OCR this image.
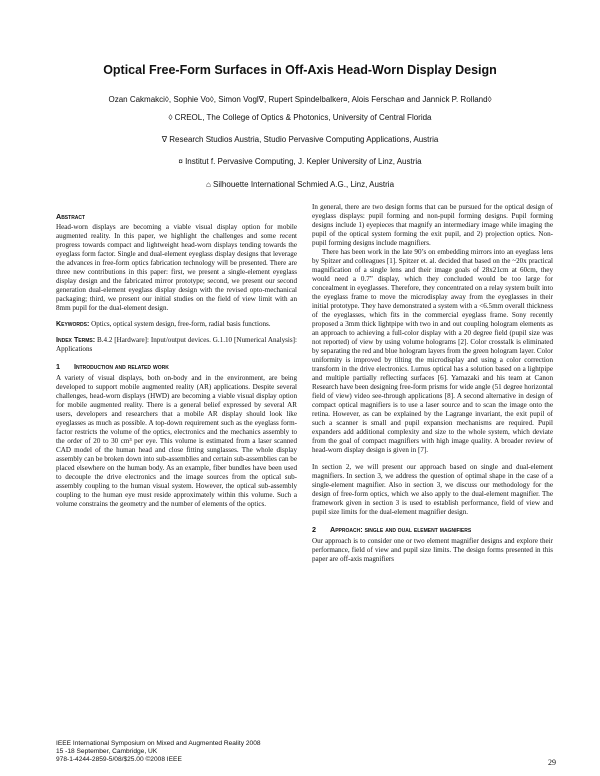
Optical Free-Form Surfaces in Off-Axis Head-Worn Display Design
Ozan Cakmakci◊, Sophie Vo◊, Simon Vogl∇, Rupert Spindelbalker¤, Alois Ferscha¤ and Jannick P. Rolland◊
◊ CREOL, The College of Optics & Photonics, University of Central Florida
∇ Research Studios Austria, Studio Pervasive Computing Applications, Austria
¤ Institut f. Pervasive Computing, J. Kepler University of Linz, Austria
⌂ Silhouette International Schmied A.G., Linz, Austria
Abstract

Head-worn displays are becoming a viable visual display option for mobile augmented reality. In this paper, we highlight the challenges and some recent progress towards compact and lightweight head-worn displays tending towards the eyeglass form factor. Single and dual-element eyeglass display designs that leverage the advances in free-form optics fabrication technology will be presented. There are three new contributions in this paper: first, we present a single-element eyeglass display design and the fabricated mirror prototype; second, we present our second generation dual-element eyeglass display design with the revised opto-mechanical packaging; third, we present our initial studies on the field of view limit with an 8mm pupil for the dual-element design.

Keywords: Optics, optical system design, free-form, radial basis functions.

Index Terms: B.4.2 [Hardware]: Input/output devices. G.1.10 [Numerical Analysis]: Applications

1 Introduction and related work

A variety of visual displays, both on-body and in the environment, are being developed to support mobile augmented reality (AR) applications. Despite several challenges, head-worn displays (HWD) are becoming a viable visual display option for mobile augmented reality. There is a general belief expressed by several AR users, developers and researchers that a mobile AR display should look like eyeglasses as much as possible. A top-down requirement such as the eyeglass form-factor restricts the volume of the optics, electronics and the mechanics assembly to the order of 20 to 30 cm³ per eye. This volume is estimated from a laser scanned CAD model of the human head and close fitting sunglasses. The whole display assembly can be broken down into sub-assemblies and certain sub-assemblies can be placed elsewhere on the human body. As an example, fiber bundles have been used to decouple the drive electronics and the image sources from the optical sub-assembly coupling to the human visual system. However, the optical sub-assembly coupling to the human eye must reside approximately within this volume. Such a volume constrains the geometry and the number of elements of the optics.

In general, there are two design forms that can be pursued for the optical design of eyeglass displays: pupil forming and non-pupil forming designs. Pupil forming designs include 1) eyepieces that magnify an intermediary image while imaging the pupil of the optical system forming the exit pupil, and 2) projection optics. Non-pupil forming designs include magnifiers.

There has been work in the late 90’s on embedding mirrors into an eyeglass lens by Spitzer and colleagues [1]. Spitzer et. al. decided that based on the ~20x practical magnification of a single lens and their image goals of 28x21cm at 60cm, they would need a 0.7” display, which they concluded would be too large for concealment in eyeglasses. Therefore, they concentrated on a relay system built into the eyeglass frame to move the microdisplay away from the eyeglasses in their initial prototype. They have demonstrated a system with a <6.5mm overall thickness of the eyeglasses, which fits in the commercial eyeglass frame. Sony recently proposed a 3mm thick lightpipe with two in and out coupling hologram elements as an approach to achieving a full-color display with a 20 degree field (pupil size was not reported) of view by using volume holograms [2]. Color crosstalk is eliminated by separating the red and blue hologram layers from the green hologram layer. Color uniformity is improved by tilting the microdisplay and using a color correction transform in the drive electronics. Lumus optical has a solution based on a lightpipe and multiple partially reflecting surfaces [6]. Yamazaki and his team at Canon Research have been designing free-form prisms for wide angle (51 degree horizontal field of view) video see-through applications [8]. A second alternative in design of compact optical magnifiers is to use a laser source and to scan the image onto the retina. However, as can be explained by the Lagrange invariant, the exit pupil of such a scanner is small and pupil expansion mechanisms are required. Pupil expanders add additional complexity and size to the whole system, which deviate from the goal of compact magnifiers with high image quality. A broader review of head-worn display design is given in [7].

In section 2, we will present our approach based on single and dual-element magnifiers. In section 3, we address the question of optimal shape in the case of a single-element magnifier. Also in section 3, we discuss our methodology for the design of free-form optics, which we also apply to the dual-element magnifier. The framework given in section 3 is used to establish performance, field of view and pupil size limits for the dual-element magnifier design.

2 Approach: single and dual element magnifiers

Our approach is to consider one or two element magnifier designs and explore their performance, field of view and pupil size limits. The design forms presented in this paper are off-axis magnifiers

IEEE International Symposium on Mixed and Augmented Reality 2008
15 -18 September, Cambridge, UK
978-1-4244-2859-5/08/$25.00 ©2008 IEEE	29
